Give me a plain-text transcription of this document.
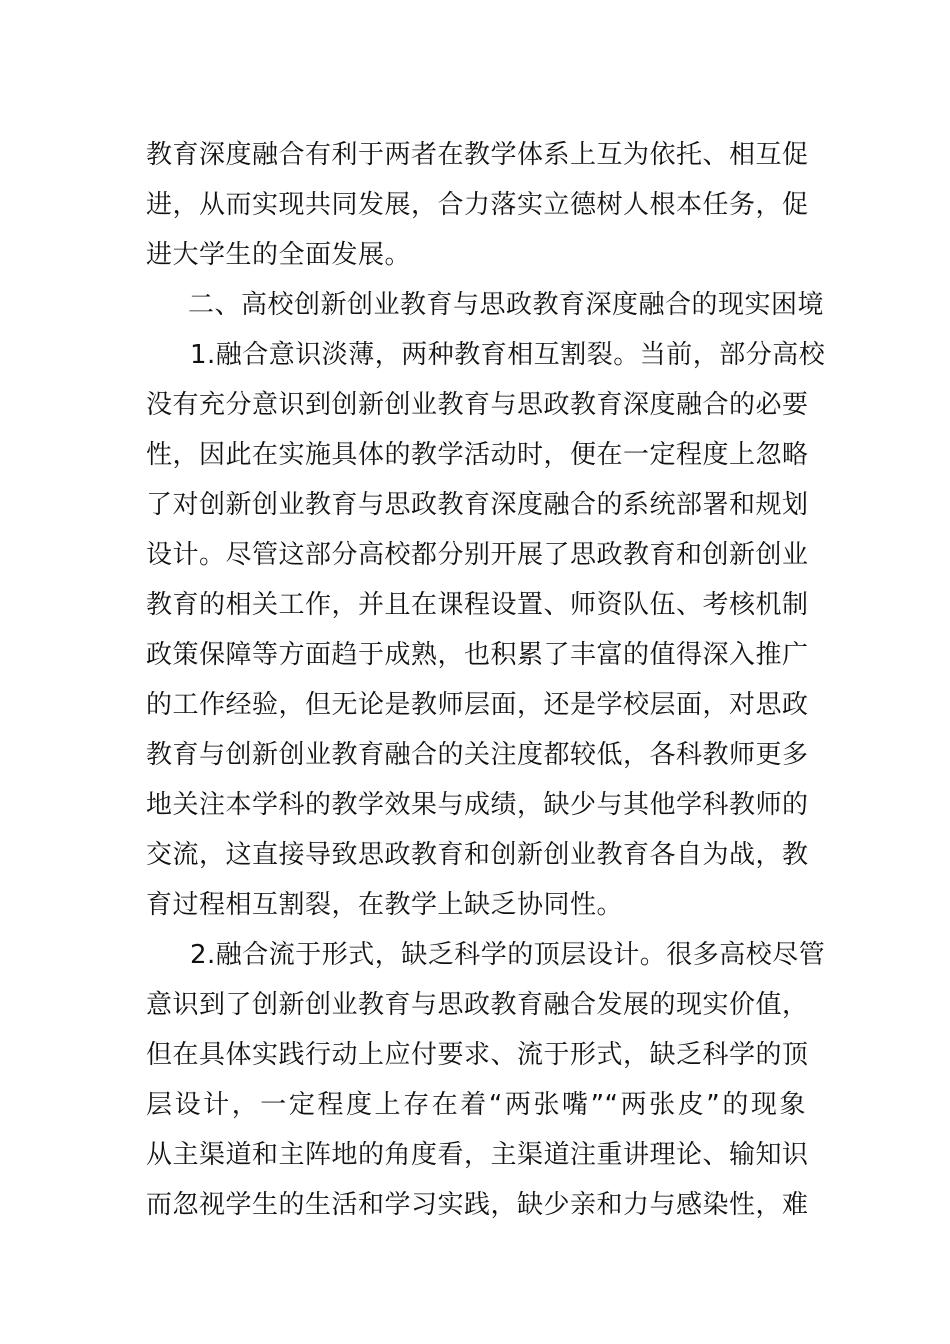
教育深度融合有利于两者在教学体系上互为依托、相互促
进，从而实现共同发展，合力落实立德树人根本任务，促
进大学生的全面发展。
二、高校创新创业教育与思政教育深度融合的现实困境
1.融合意识淡薄，两种教育相互割裂。当前，部分高校
没有充分意识到创新创业教育与思政教育深度融合的必要
性，因此在实施具体的教学活动时，便在一定程度上忽略
了对创新创业教育与思政教育深度融合的系统部署和规划
设计。尽管这部分高校都分别开展了思政教育和创新创业
教育的相关工作，并且在课程设置、师资队伍、考核机制
政策保障等方面趋于成熟，也积累了丰富的值得深入推广
的工作经验，但无论是教师层面，还是学校层面，对思政
教育与创新创业教育融合的关注度都较低，各科教师更多
地关注本学科的教学效果与成绩，缺少与其他学科教师的
交流，这直接导致思政教育和创新创业教育各自为战，教
育过程相互割裂，在教学上缺乏协同性。
2.融合流于形式，缺乏科学的顶层设计。很多高校尽管
意识到了创新创业教育与思政教育融合发展的现实价值，
但在具体实践行动上应付要求、流于形式，缺乏科学的顶
层设计，一定程度上存在着“两张嘴”“两张皮”的现象
从主渠道和主阵地的角度看，主渠道注重讲理论、输知识
而忽视学生的生活和学习实践，缺少亲和力与感染性，难
